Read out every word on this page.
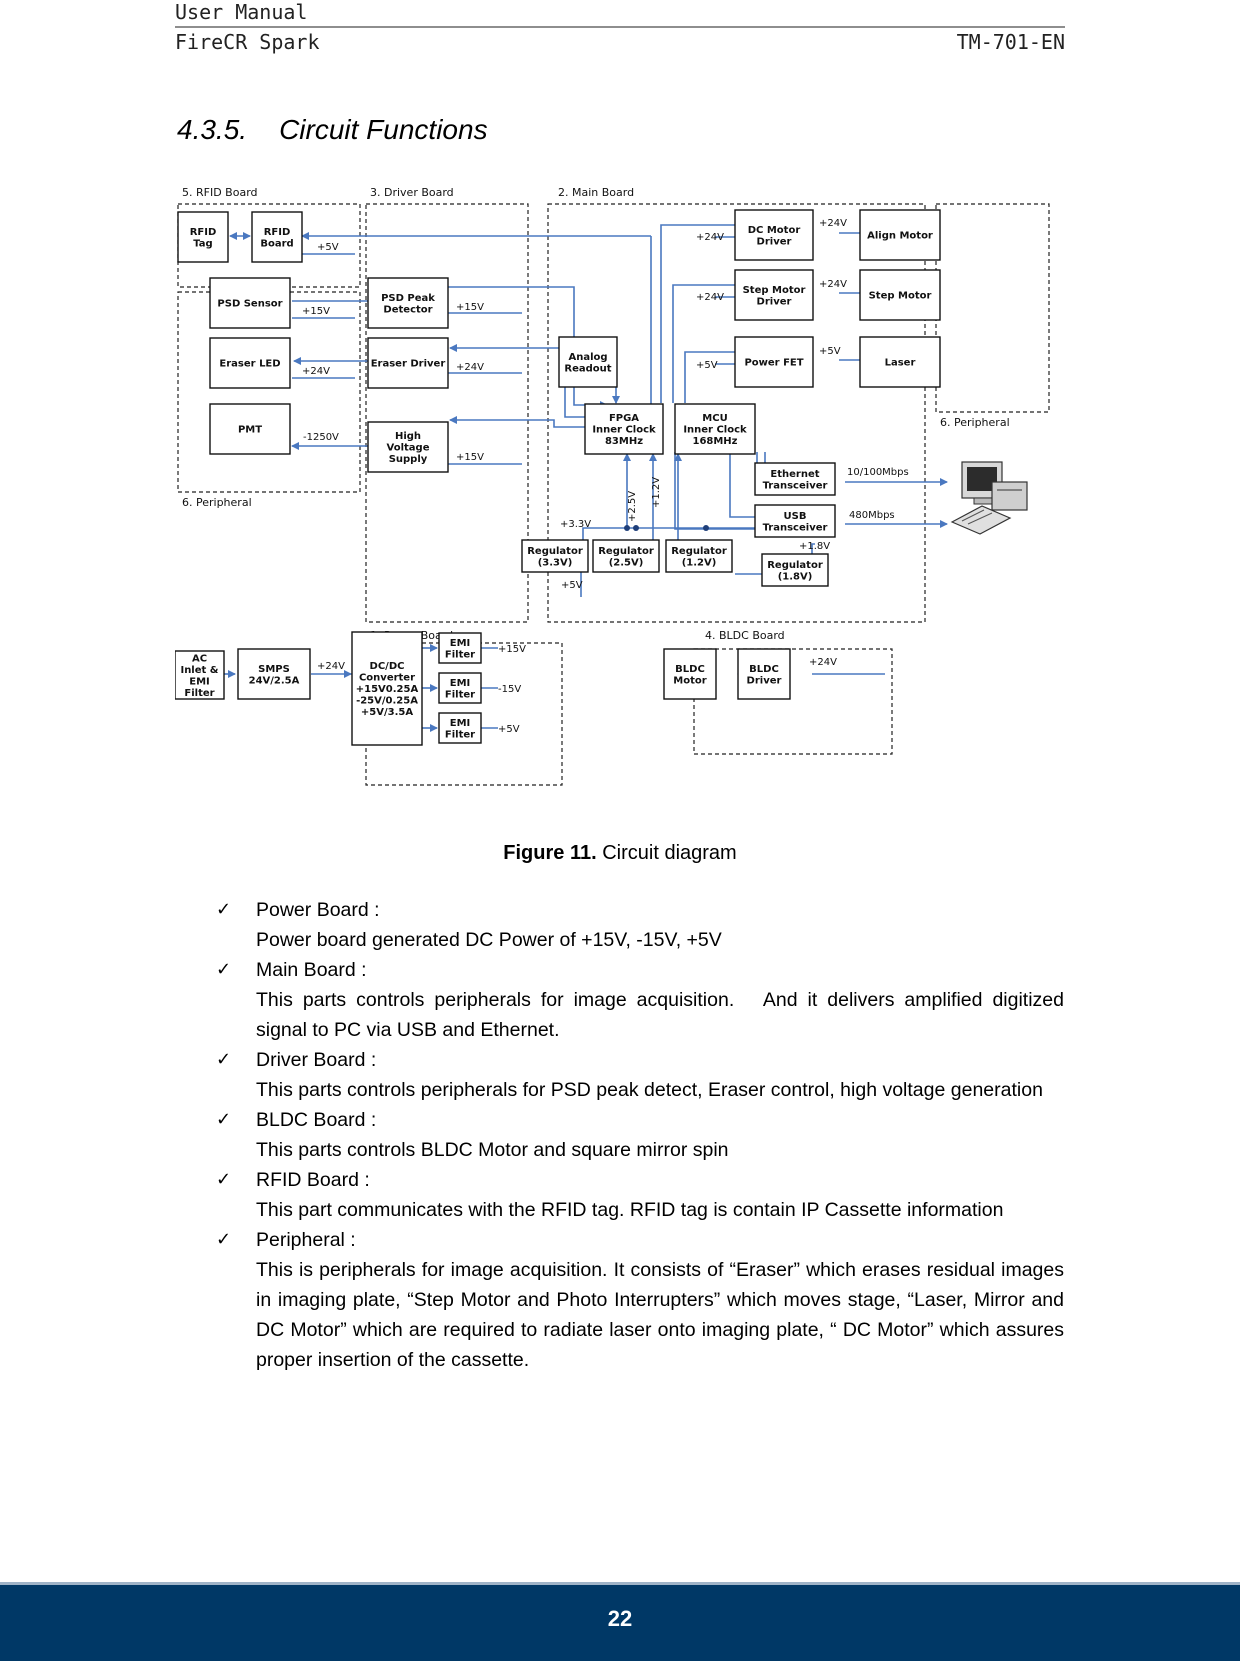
User Manual
FireCR Spark	TM-701-EN
4.3.5. Circuit Functions
5. RFID Board	3. Driver Board	2. Main Board
6. Peripheral
6. Peripheral
Board	4. BLDC Board
RFID
Tag
RFID
Board
PSD Sensor
Eraser LED
PMT
PSD Peak
Detector
Eraser Driver
High
Voltage
Supply
Analog
Readout
FPGA
Inner Clock
83MHz
MCU
Inner Clock
168MHz
DC Motor
Driver
Step Motor
Driver
Power FET
Ethernet
Transceiver
USB
Transceiver
Regulator
(3.3V)
Regulator
(2.5V)
Regulator
(1.2V)	Regulator
(1.8V)
Align Motor
Step Motor
Laser
AC
Inlet &
EMI
Filter
SMPS
24V/2.5A
DC/DC
Converter
+15V0.25A
-25V/0.25A
+5V/3.5A
EMI
Filter
EMI
Filter
EMI
Filter
BLDC
Motor
BLDC
Driver
+5V
+15V
+24V
-1250V
+15V
+24V
+15V
+24V
+24V
+24V
+24V
+5V
+5V
10/100Mbps
480Mbps
+3.3V
+2.5V +1.2V
+1.8V
+5V
+24V
+15V
-15V
+5V
+24V
Figure 11. Circuit diagram
✓ Power Board :
Power board generated DC Power of +15V, -15V, +5V
✓ Main Board :
This parts controls peripherals for image acquisition.　And it delivers amplified digitized signal to PC via USB and Ethernet.
✓ Driver Board :
This parts controls peripherals for PSD peak detect, Eraser control, high voltage generation
✓ BLDC Board :
This parts controls BLDC Motor and square mirror spin
✓ RFID Board :
This part communicates with the RFID tag. RFID tag is contain IP Cassette information
✓ Peripheral :
This is peripherals for image acquisition. It consists of “Eraser” which erases residual images in imaging plate, “Step Motor and Photo Interrupters” which moves stage, “Laser, Mirror and DC Motor” which are required to radiate laser onto imaging plate, “ DC Motor” which assures proper insertion of the cassette.
22
